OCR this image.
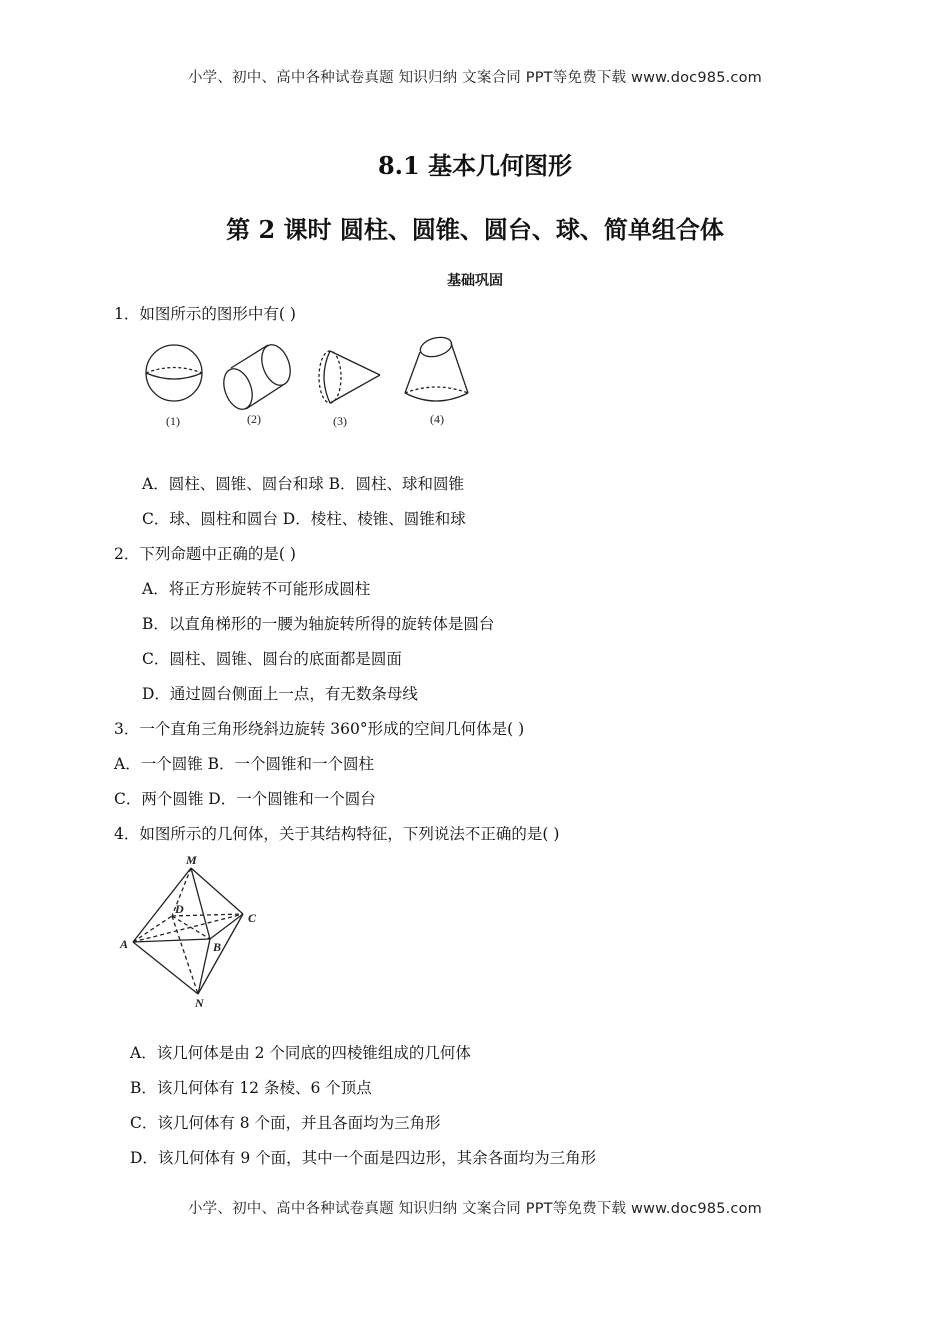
小学、初中、高中各种试卷真题 知识归纳 文案合同 PPT等免费下载 www.doc985.com
8.1 基本几何图形
第 2 课时 圆柱、圆锥、圆台、球、简单组合体
基础巩固
1．如图所示的图形中有( )
(1)	(2)	(3)	(4)
A．圆柱、圆锥、圆台和球 B．圆柱、球和圆锥
C．球、圆柱和圆台 D．棱柱、棱锥、圆锥和球
2．下列命题中正确的是( )
A．将正方形旋转不可能形成圆柱
B．以直角梯形的一腰为轴旋转所得的旋转体是圆台
C．圆柱、圆锥、圆台的底面都是圆面
D．通过圆台侧面上一点，有无数条母线
3．一个直角三角形绕斜边旋转 360°形成的空间几何体是( )
A．一个圆锥 B．一个圆锥和一个圆柱
C．两个圆锥 D．一个圆锥和一个圆台
4．如图所示的几何体，关于其结构特征，下列说法不正确的是( )
M
D
C
A	B
N
A．该几何体是由 2 个同底的四棱锥组成的几何体
B．该几何体有 12 条棱、6 个顶点
C．该几何体有 8 个面，并且各面均为三角形
D．该几何体有 9 个面，其中一个面是四边形，其余各面均为三角形
小学、初中、高中各种试卷真题 知识归纳 文案合同 PPT等免费下载 www.doc985.com
